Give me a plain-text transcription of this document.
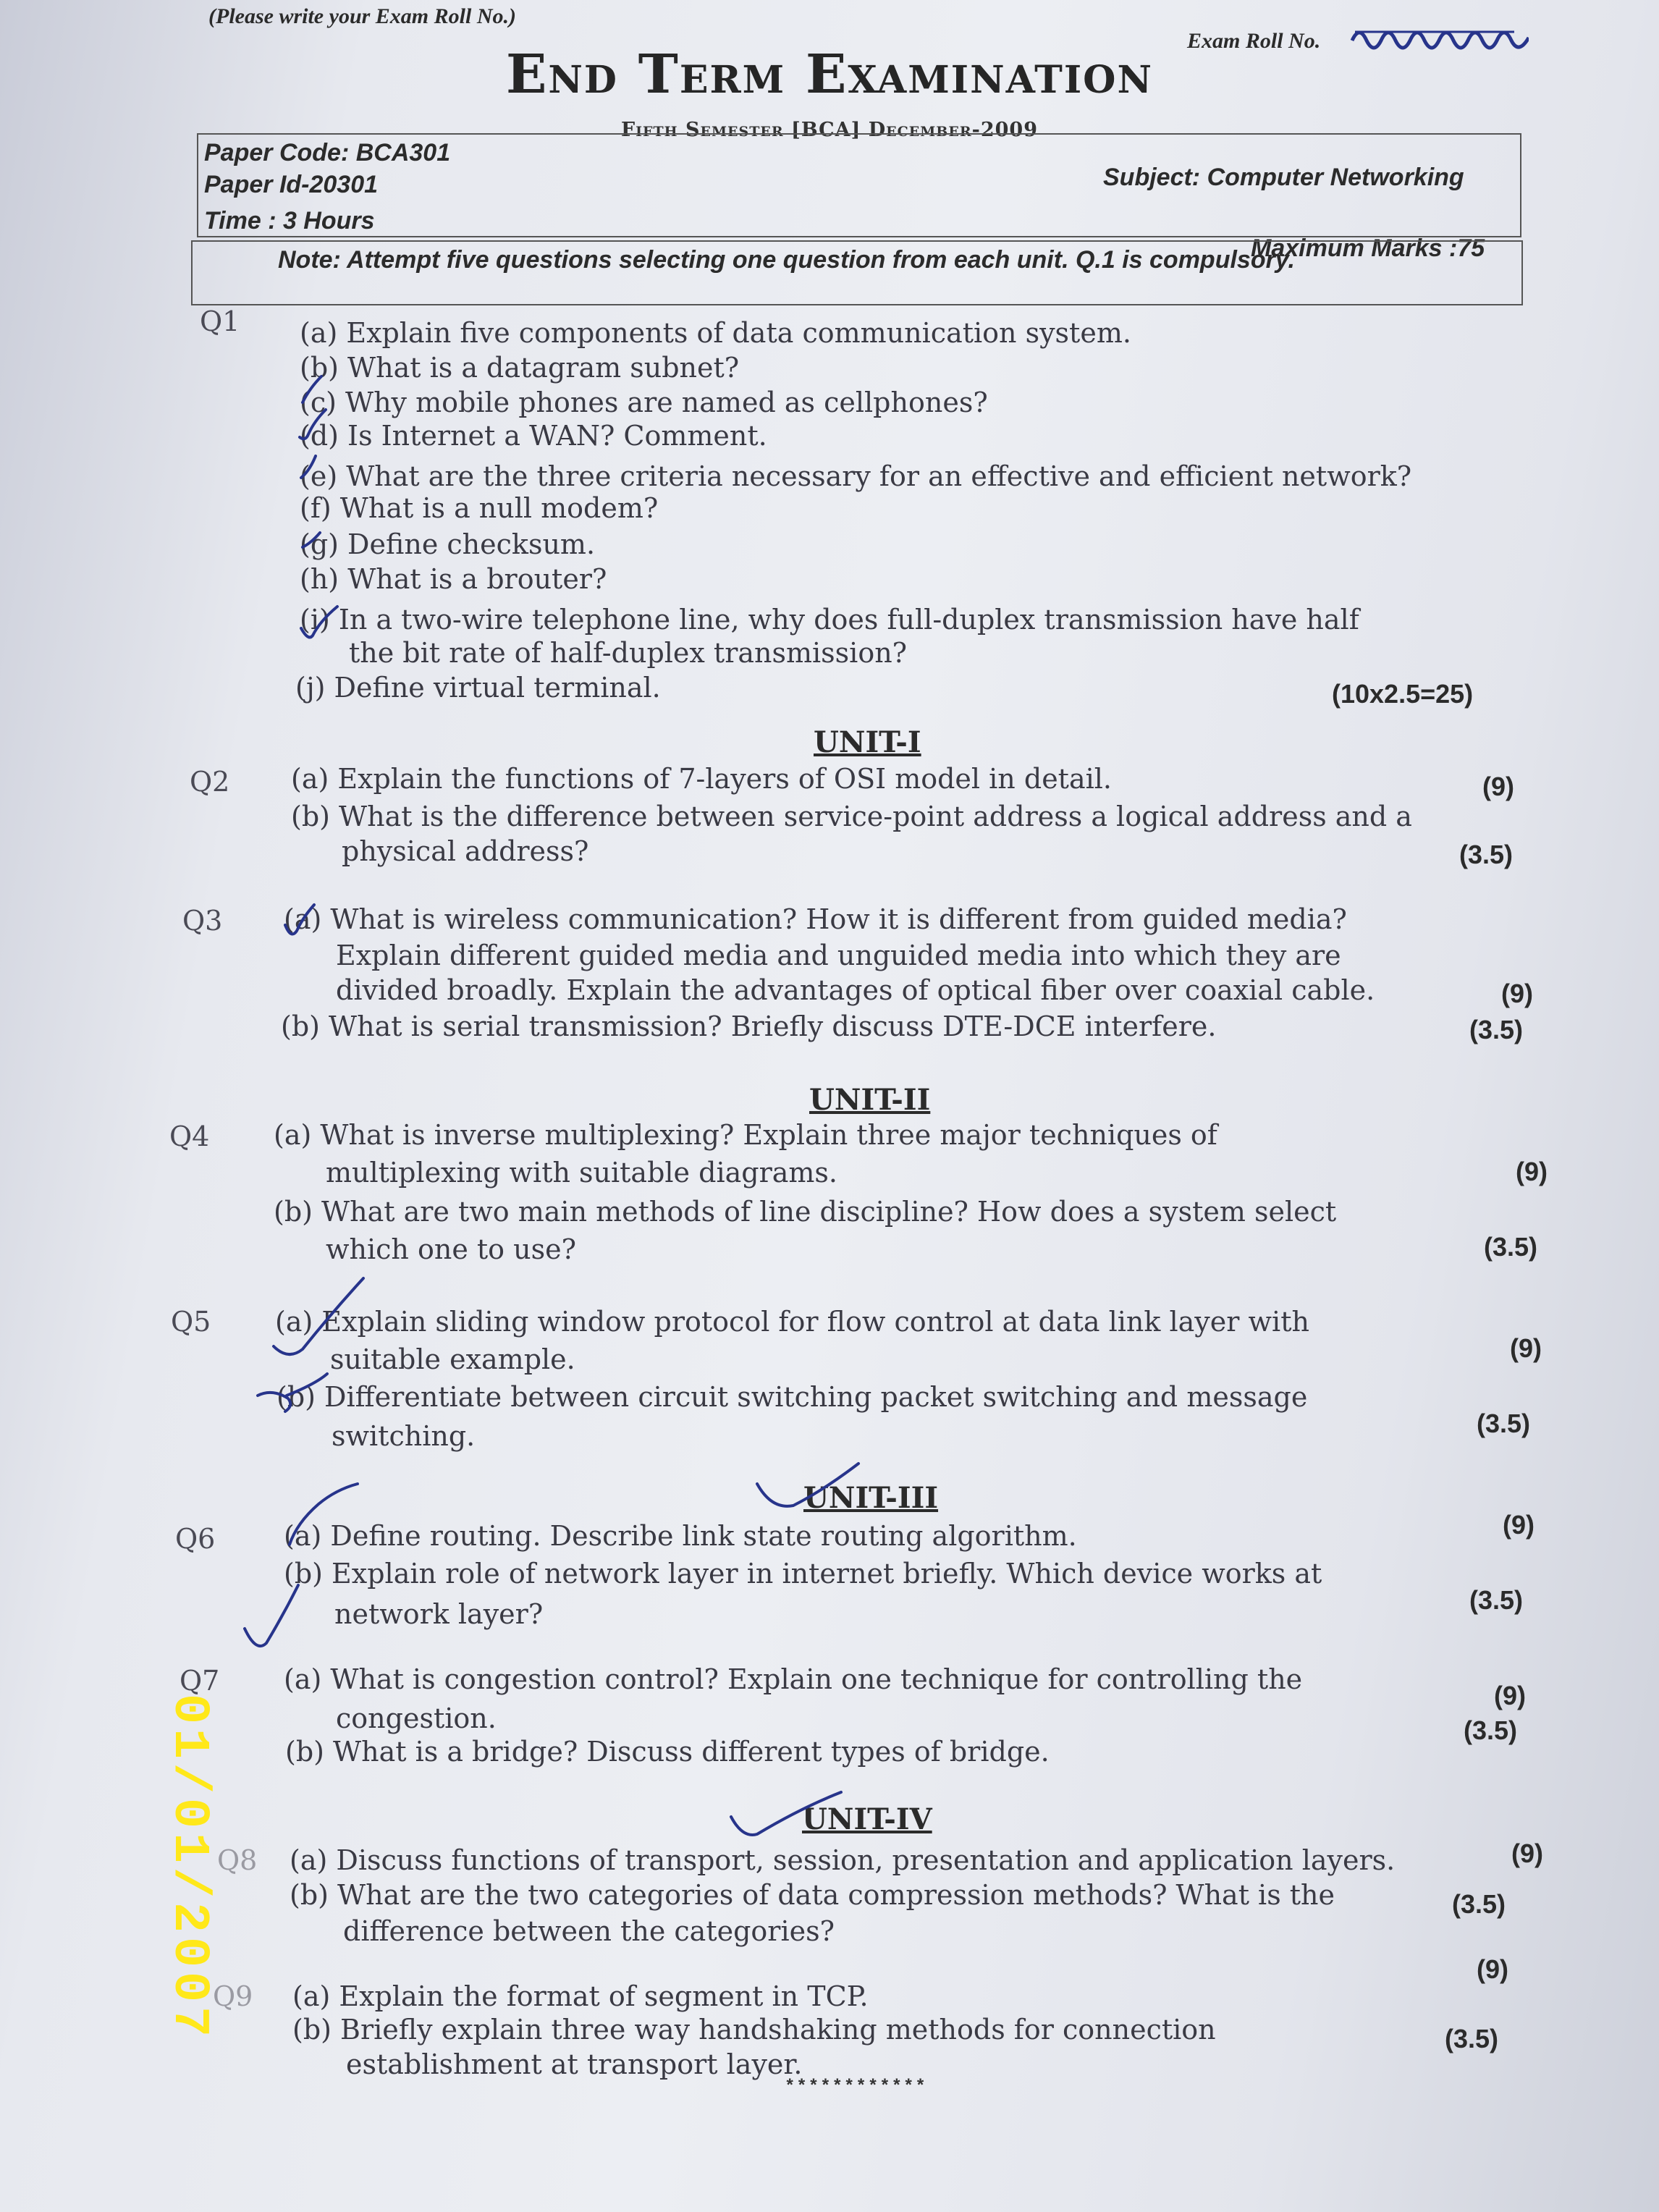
(Please write your Exam Roll No.)
Exam Roll No.
End Term Examination
Fifth Semester [BCA] December-2009
Paper Code: BCA301
Paper Id-20301	Subject: Computer Networking
Time : 3 Hours
Maximum Marks :75
Note: Attempt five questions selecting one question from each unit. Q.1 is compulsory.
Q1 (a) Explain five components of data communication system.
(b) What is a datagram subnet?
(c) Why mobile phones are named as cellphones?
(d) Is Internet a WAN? Comment.
(e) What are the three criteria necessary for an effective and efficient network?
(f) What is a null modem?
(g) Define checksum.
(h) What is a brouter?
(i) In a two-wire telephone line, why does full-duplex transmission have half
the bit rate of half-duplex transmission?
(j) Define virtual terminal.	(10x2.5=25)
UNIT-I
Q2 (a) Explain the functions of 7-layers of OSI model in detail.	(9)
(b) What is the difference between service-point address a logical address and a
physical address?	(3.5)
Q3 (a) What is wireless communication? How it is different from guided media?
Explain different guided media and unguided media into which they are
divided broadly. Explain the advantages of optical fiber over coaxial cable.	(9)
(b) What is serial transmission? Briefly discuss DTE-DCE interfere.	(3.5)
UNIT-II
Q4 (a) What is inverse multiplexing? Explain three major techniques of
multiplexing with suitable diagrams.	(9)
(b) What are two main methods of line discipline? How does a system select
which one to use?	(3.5)
Q5 (a) Explain sliding window protocol for flow control at data link layer with
suitable example.	(9)
(b) Differentiate between circuit switching packet switching and message
switching.	(3.5)
UNIT-III
Q6 (a) Define routing. Describe link state routing algorithm.	(9)
(b) Explain role of network layer in internet briefly. Which device works at
network layer?	(3.5)
Q7 (a) What is congestion control? Explain one technique for controlling the
congestion.
(9)
(b) What is a bridge? Discuss different types of bridge.
(3.5)
UNIT-IV
Q8 (a) Discuss functions of transport, session, presentation and application layers.	(9)
(b) What are the two categories of data compression methods? What is the
difference between the categories?
(3.5)
Q9
(9)
(a) Explain the format of segment in TCP.
(b) Briefly explain three way handshaking methods for connection
establishment at transport layer.
(3.5)
************
01/01/2007
